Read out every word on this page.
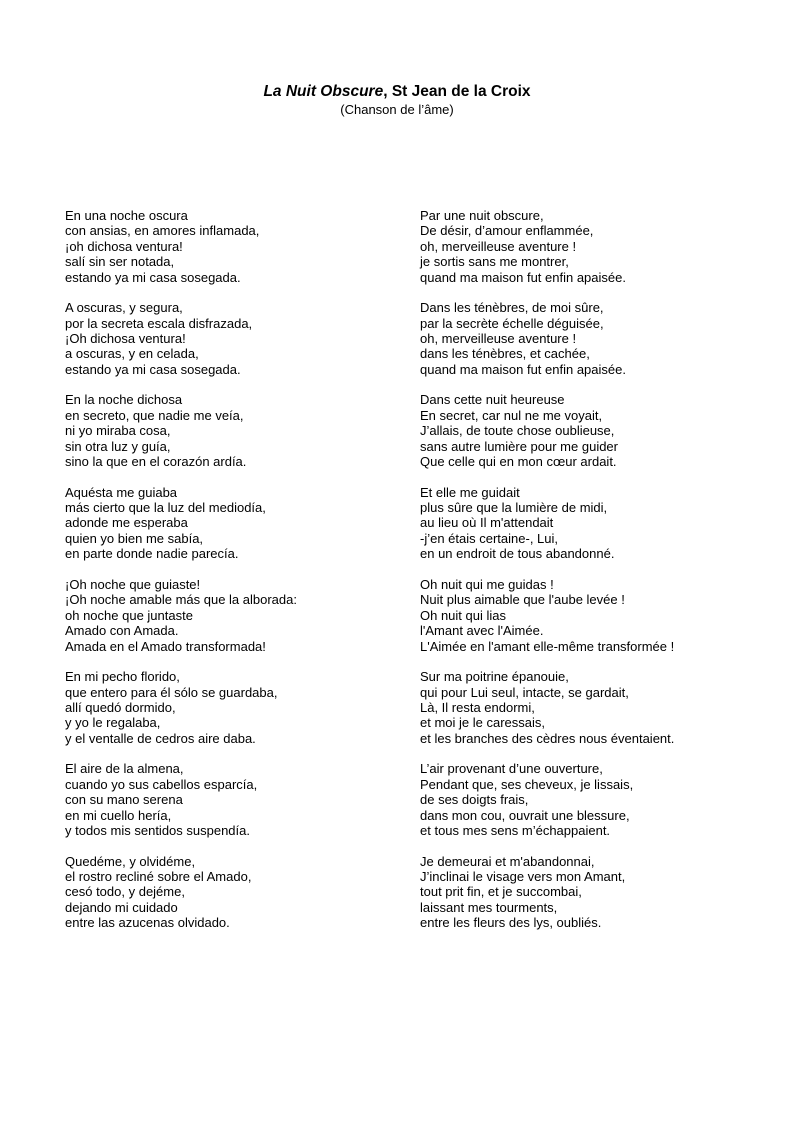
La Nuit Obscure, St Jean de la Croix
(Chanson de l’âme)
En una noche oscura
con ansias, en amores inflamada,
¡oh dichosa ventura!
salí sin ser notada,
estando ya mi casa sosegada.
A oscuras, y segura,
por la secreta escala disfrazada,
¡Oh dichosa ventura!
a oscuras, y en celada,
estando ya mi casa sosegada.
En la noche dichosa
en secreto, que nadie me veía,
ni yo miraba cosa,
sin otra luz y guía,
sino la que en el corazón ardía.
Aquésta me guiaba
más cierto que la luz del mediodía,
adonde me esperaba
quien yo bien me sabía,
en parte donde nadie parecía.
¡Oh noche que guiaste!
¡Oh noche amable más que la alborada:
oh noche que juntaste
Amado con Amada.
Amada en el Amado transformada!
En mi pecho florido,
que entero para él sólo se guardaba,
allí quedó dormido,
y yo le regalaba,
y el ventalle de cedros aire daba.
El aire de la almena,
cuando yo sus cabellos esparcía,
con su mano serena
en mi cuello hería,
y todos mis sentidos suspendía.
Quedéme, y olvidéme,
el rostro recliné sobre el Amado,
cesó todo, y dejéme,
dejando mi cuidado
entre las azucenas olvidado.
Par une nuit obscure,
De désir, d’amour enflammée,
oh, merveilleuse aventure !
je sortis sans me montrer,
quand ma maison fut enfin apaisée.
Dans les ténèbres, de moi sûre,
par la secrète échelle déguisée,
oh, merveilleuse aventure !
dans les ténèbres, et cachée,
quand ma maison fut enfin apaisée.
Dans cette nuit heureuse
En secret, car nul ne me voyait,
J’allais, de toute chose oublieuse,
sans autre lumière pour me guider
Que celle qui en mon cœur ardait.
Et elle me guidait
plus sûre que la lumière de midi,
au lieu où Il m'attendait
-j’en étais certaine-, Lui,
en un endroit de tous abandonné.
Oh nuit qui me guidas !
Nuit plus aimable que l'aube levée !
Oh nuit qui lias
l'Amant avec l'Aimée.
L'Aimée en l'amant elle-même transformée !
Sur ma poitrine épanouie,
qui pour Lui seul, intacte, se gardait,
Là, Il resta endormi,
et moi je le caressais,
et les branches des cèdres nous éventaient.
L’air provenant d’une ouverture,
Pendant que, ses cheveux, je lissais,
de ses doigts frais,
dans mon cou, ouvrait une blessure,
et tous mes sens m’échappaient.
Je demeurai et m'abandonnai,
J’inclinai le visage vers mon Amant,
tout prit fin, et je succombai,
laissant mes tourments,
entre les fleurs des lys, oubliés.
